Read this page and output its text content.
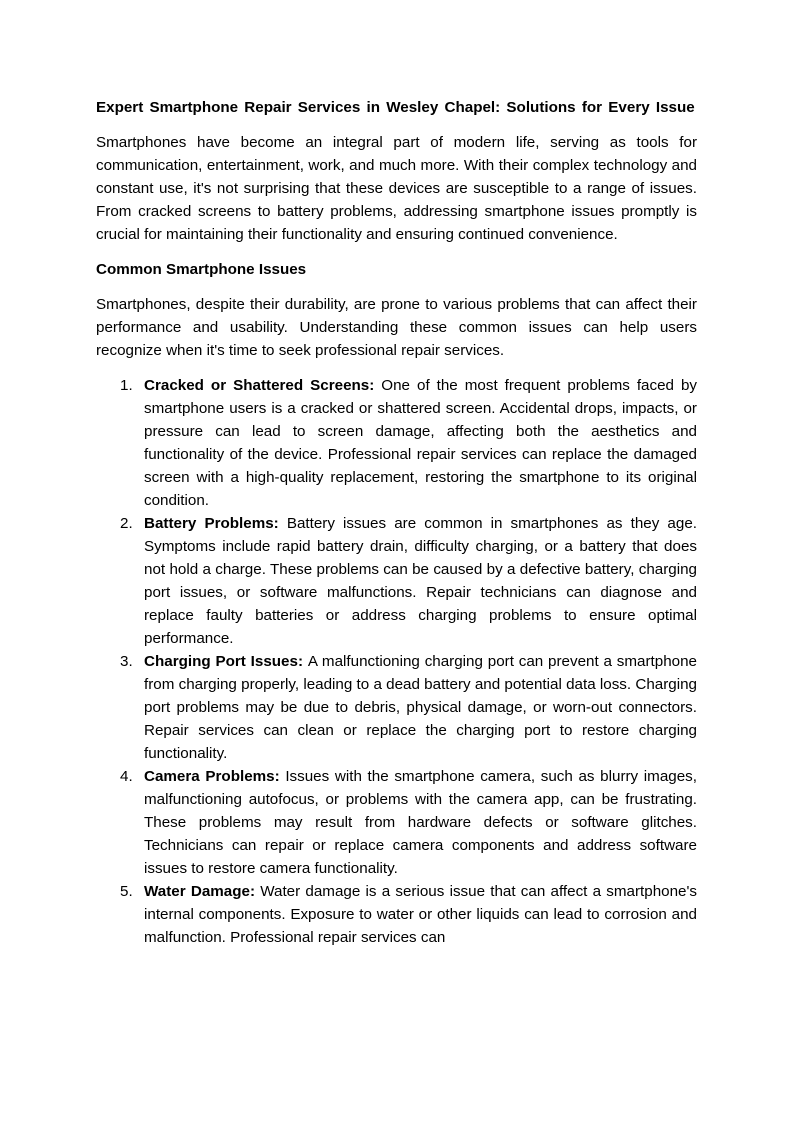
Expert Smartphone Repair Services in Wesley Chapel: Solutions for Every Issue

Smartphones have become an integral part of modern life, serving as tools for communication, entertainment, work, and much more. With their complex technology and constant use, it's not surprising that these devices are susceptible to a range of issues. From cracked screens to battery problems, addressing smartphone issues promptly is crucial for maintaining their functionality and ensuring continued convenience.

Common Smartphone Issues

Smartphones, despite their durability, are prone to various problems that can affect their performance and usability. Understanding these common issues can help users recognize when it's time to seek professional repair services.

1. Cracked or Shattered Screens: One of the most frequent problems faced by smartphone users is a cracked or shattered screen. Accidental drops, impacts, or pressure can lead to screen damage, affecting both the aesthetics and functionality of the device. Professional repair services can replace the damaged screen with a high-quality replacement, restoring the smartphone to its original condition.
2. Battery Problems: Battery issues are common in smartphones as they age. Symptoms include rapid battery drain, difficulty charging, or a battery that does not hold a charge. These problems can be caused by a defective battery, charging port issues, or software malfunctions. Repair technicians can diagnose and replace faulty batteries or address charging problems to ensure optimal performance.
3. Charging Port Issues: A malfunctioning charging port can prevent a smartphone from charging properly, leading to a dead battery and potential data loss. Charging port problems may be due to debris, physical damage, or worn-out connectors. Repair services can clean or replace the charging port to restore charging functionality.
4. Camera Problems: Issues with the smartphone camera, such as blurry images, malfunctioning autofocus, or problems with the camera app, can be frustrating. These problems may result from hardware defects or software glitches. Technicians can repair or replace camera components and address software issues to restore camera functionality.
5. Water Damage: Water damage is a serious issue that can affect a smartphone's internal components. Exposure to water or other liquids can lead to corrosion and malfunction. Professional repair services can
